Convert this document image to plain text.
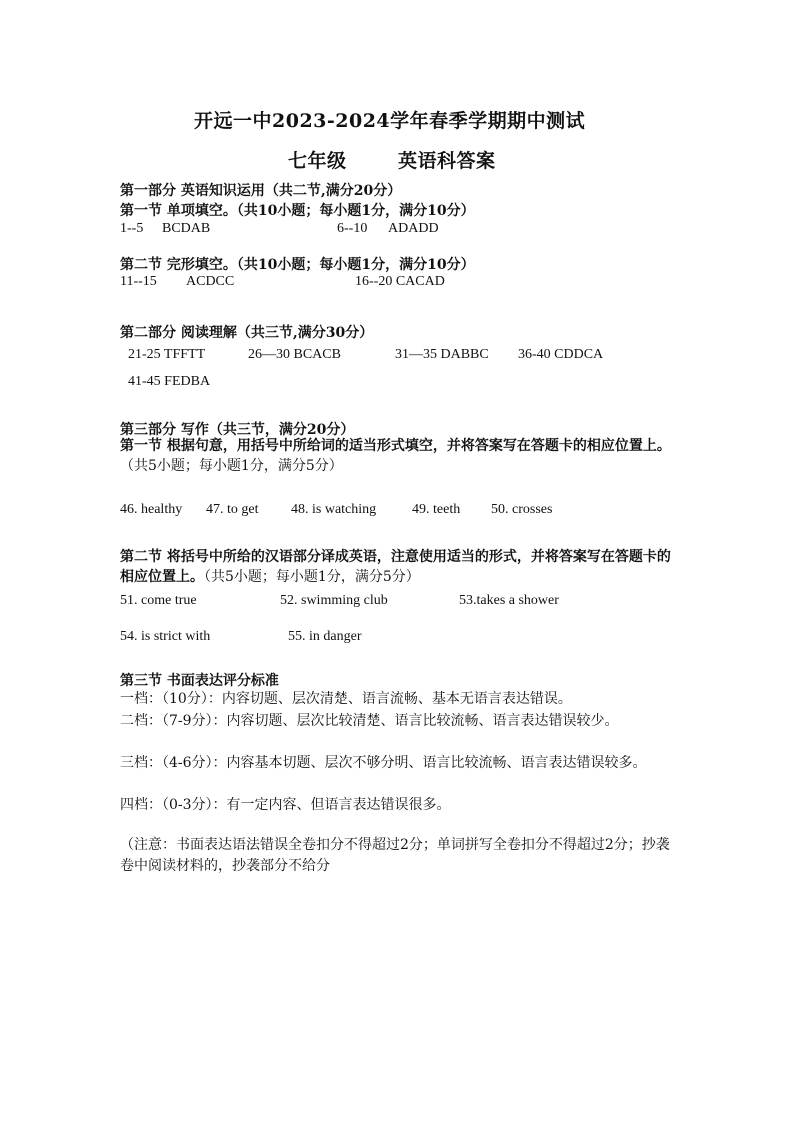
开远一中2023-2024学年春季学期期中测试
七年级	英语科答案
第一部分 英语知识运用（共二节,满分20分）
第一节 单项填空。（共10小题；每小题1分，满分10分）
1--5 BCDAB	6--10 ADADD
第二节 完形填空。（共10小题；每小题1分，满分10分）
11--15 ACDCC	16--20 CACAD
第二部分 阅读理解（共三节,满分30分）
21-25 TFFTT	26—30 BCACB	31—35 DABBC 36-40 CDDCA
41-45 FEDBA
第三部分 写作（共三节，满分20分）
第一节 根据句意，用括号中所给词的适当形式填空，并将答案写在答题卡的相应位置上。（共5小题；每小题1分，满分5分）
46. healthy 47. to get 48. is watching	49. teeth 50. crosses
第二节 将括号中所给的汉语部分译成英语，注意使用适当的形式，并将答案写在答题卡的相应位置上。（共5小题；每小题1分，满分5分）
51. come true	52. swimming club	53.takes a shower
54. is strict with	55. in danger
第三节 书面表达评分标准
一档：（10分）：内容切题、层次清楚、语言流畅、基本无语言表达错误。
二档：（7-9分）：内容切题、层次比较清楚、语言比较流畅、语言表达错误较少。
三档：（4-6分）：内容基本切题、层次不够分明、语言比较流畅、语言表达错误较多。
四档：（0-3分）：有一定内容、但语言表达错误很多。
（注意：书面表达语法错误全卷扣分不得超过2分；单词拼写全卷扣分不得超过2分；抄袭卷中阅读材料的，抄袭部分不给分
